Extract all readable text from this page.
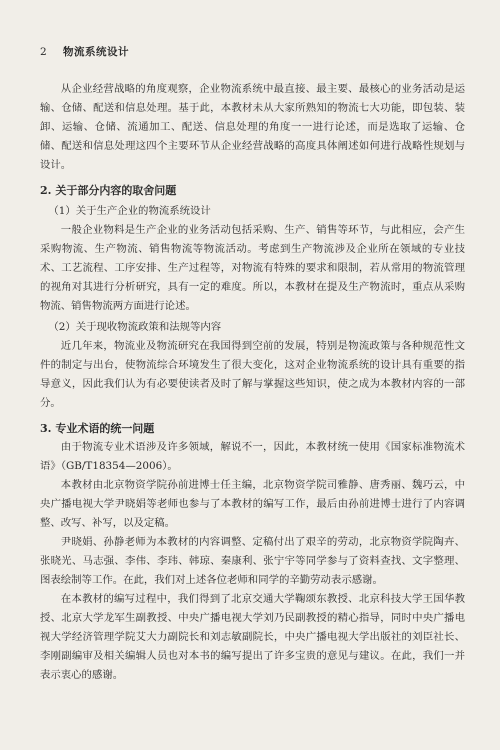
2 物流系统设计

从企业经营战略的角度观察，企业物流系统中最直接、最主要、最核心的业务活动是运输、仓储、配送和信息处理。基于此，本教材未从大家所熟知的物流七大功能，即包装、装卸、运输、仓储、流通加工、配送、信息处理的角度一一进行论述，而是选取了运输、仓储、配送和信息处理这四个主要环节从企业经营战略的高度具体阐述如何进行战略性规划与设计。

2. 关于部分内容的取舍问题

（1）关于生产企业的物流系统设计

一般企业物料是生产企业的业务活动包括采购、生产、销售等环节，与此相应，会产生采购物流、生产物流、销售物流等物流活动。考虑到生产物流涉及企业所在领域的专业技术、工艺流程、工序安排、生产过程等，对物流有特殊的要求和限制，若从常用的物流管理的视角对其进行分析研究，具有一定的难度。所以，本教材在提及生产物流时，重点从采购物流、销售物流两方面进行论述。

（2）关于现收物流政策和法规等内容

近几年来，物流业及物流研究在我国得到空前的发展，特别是物流政策与各种规范性文件的制定与出台，使物流综合环境发生了很大变化，这对企业物流系统的设计具有重要的指导意义，因此我们认为有必要使读者及时了解与掌握这些知识，使之成为本教材内容的一部分。

3. 专业术语的统一问题

由于物流专业术语涉及许多领域，解说不一，因此，本教材统一使用《国家标准物流术语》（GB/T18354—2006）。

本教材由北京物资学院孙前进博士任主编，北京物资学院司雅静、唐秀丽、魏巧云，中央广播电视大学尹晓娟等老师也参与了本教材的编写工作，最后由孙前进博士进行了内容调整、改写、补写，以及定稿。

尹晓娟、孙静老师为本教材的内容调整、定稿付出了艰辛的劳动，北京物资学院陶卉、张晓光、马志强、李伟、李玮、韩琼、秦康利、张宁宇等同学参与了资料查找、文字整理、图表绘制等工作。在此，我们对上述各位老师和同学的辛勤劳动表示感谢。

在本教材的编写过程中，我们得到了北京交通大学鞠颂东教授、北京科技大学王国华教授、北京大学龙军生副教授、中央广播电视大学刘乃民副教授的精心指导，同时中央广播电视大学经济管理学院艾大力副院长和刘志敏副院长，中央广播电视大学出版社的刘臣社长、李刚副编审及相关编辑人员也对本书的编写提出了许多宝贵的意见与建议。在此，我们一并表示衷心的感谢。
